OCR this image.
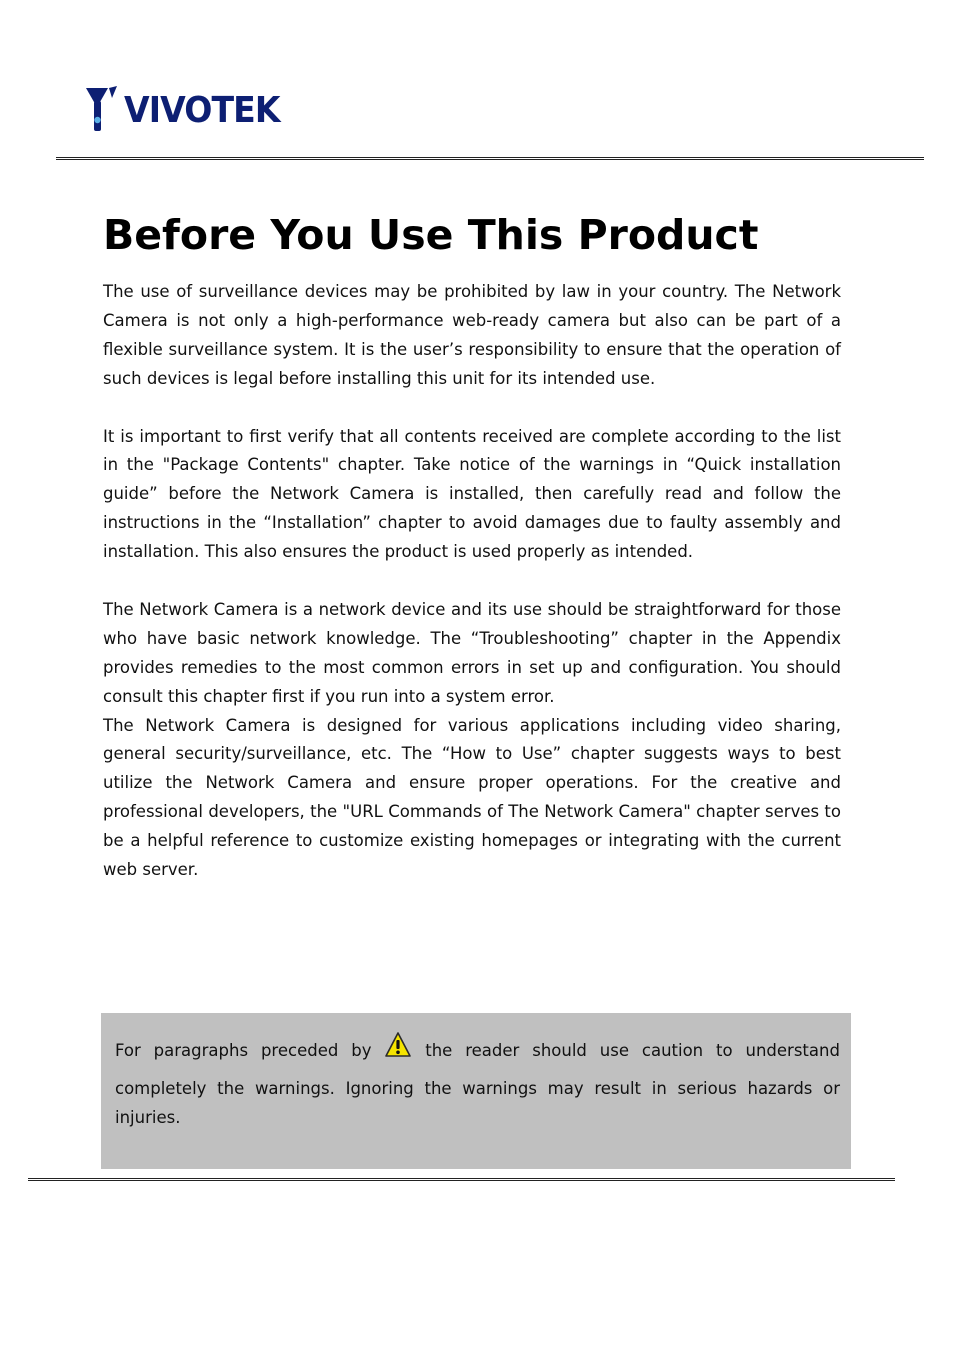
VIVOTEK
Before You Use This Product

The use of surveillance devices may be prohibited by law in your country. The Network Camera is not only a high-performance web-ready camera but also can be part of a flexible surveillance system. It is the user’s responsibility to ensure that the operation of such devices is legal before installing this unit for its intended use.

It is important to first verify that all contents received are complete according to the list in the "Package Contents" chapter. Take notice of the warnings in “Quick installation guide” before the Network Camera is installed, then carefully read and follow the instructions in the “Installation” chapter to avoid damages due to faulty assembly and installation. This also ensures the product is used properly as intended.

The Network Camera is a network device and its use should be straightforward for those who have basic network knowledge. The “Troubleshooting” chapter in the Appendix provides remedies to the most common errors in set up and configuration. You should consult this chapter first if you run into a system error.

The Network Camera is designed for various applications including video sharing, general security/surveillance, etc. The “How to Use” chapter suggests ways to best utilize the Network Camera and ensure proper operations. For the creative and professional developers, the "URL Commands of The Network Camera" chapter serves to be a helpful reference to customize existing homepages or integrating with the current web server.

For paragraphs preceded by	the reader should use caution to understand
completely the warnings. Ignoring the warnings may result in serious hazards or injuries.
